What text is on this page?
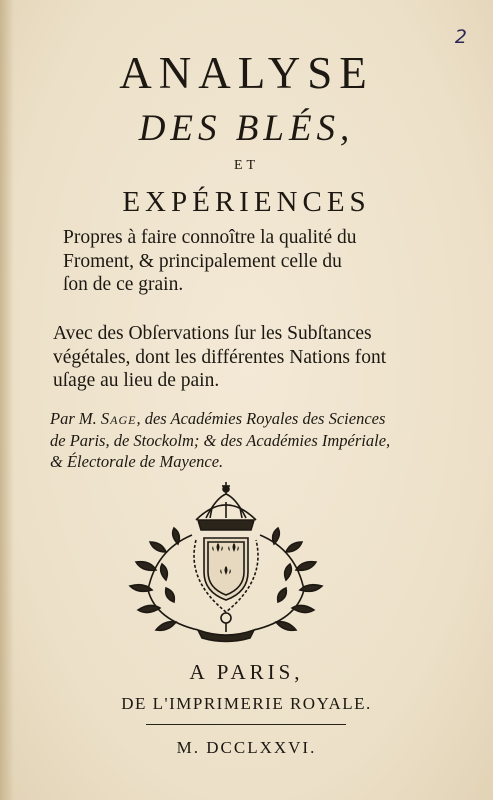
2
ANALYSE
DES BLÉS,
ET
EXPÉRIENCES
Propres à faire connoître la qualité du
Froment, & principalement celle du
ſon de ce grain.
Avec des Obſervations ſur les Subſtances
végétales, dont les différentes Nations font
uſage au lieu de pain.
Par M. Sage, des Académies Royales des Sciences
de Paris, de Stockolm; & des Académies Impériale,
& Électorale de Mayence.
A PARIS,
DE L'IMPRIMERIE ROYALE.
M. DCCLXXVI.
